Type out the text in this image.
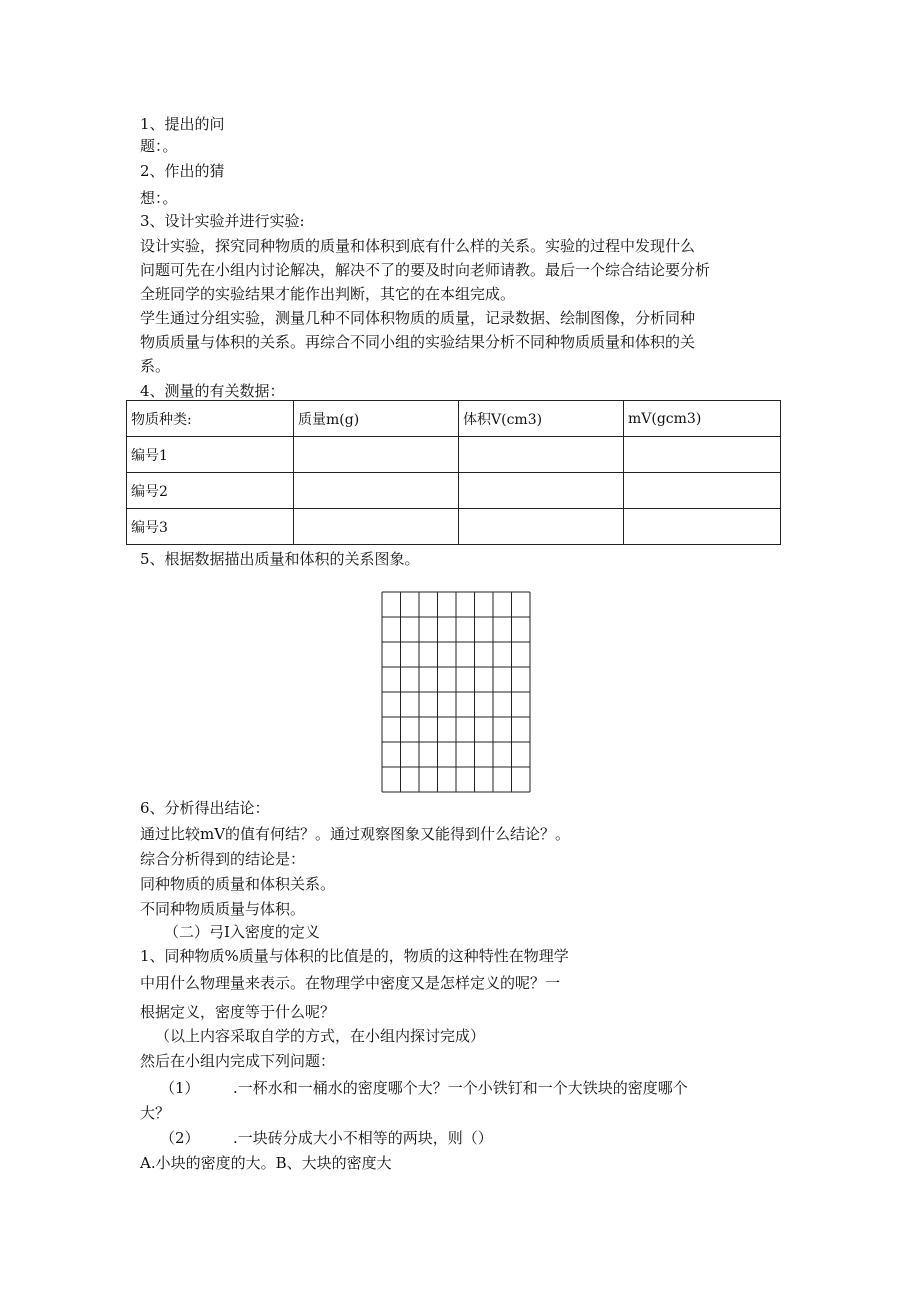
1、提出的问
题：。
2、作出的猜
想：。
3、设计实验并进行实验:
设计实验，探究同种物质的质量和体积到底有什么样的关系。实验的过程中发现什么
问题可先在小组内讨论解决，解决不了的要及时向老师请教。最后一个综合结论要分析
全班同学的实验结果才能作出判断，其它的在本组完成。
学生通过分组实验，测量几种不同体积物质的质量，记录数据、绘制图像，分析同种
物质质量与体积的关系。再综合不同小组的实验结果分析不同种物质质量和体积的关
系。
4、测量的有关数据：
物质种类:	质量m(g)	体积V(cm3)	mV(gcm3)
编号1			
编号2			
编号3			
5、根据数据描出质量和体积的关系图象。
6、分析得出结论：
通过比较mV的值有何结？。通过观察图象又能得到什么结论？。
综合分析得到的结论是：
同种物质的质量和体积关系。
不同种物质质量与体积。
（二）弓I入密度的定义
1、同种物质%质量与体积的比值是的，物质的这种特性在物理学
中用什么物理量来表示。在物理学中密度又是怎样定义的呢？一
根据定义，密度等于什么呢？
（以上内容采取自学的方式，在小组内探讨完成）
然后在小组内完成下列问题：
（1） .一杯水和一桶水的密度哪个大？一个小铁钉和一个大铁块的密度哪个
大？
（2） .一块砖分成大小不相等的两块，则（）
A.小块的密度的大。B、大块的密度大
